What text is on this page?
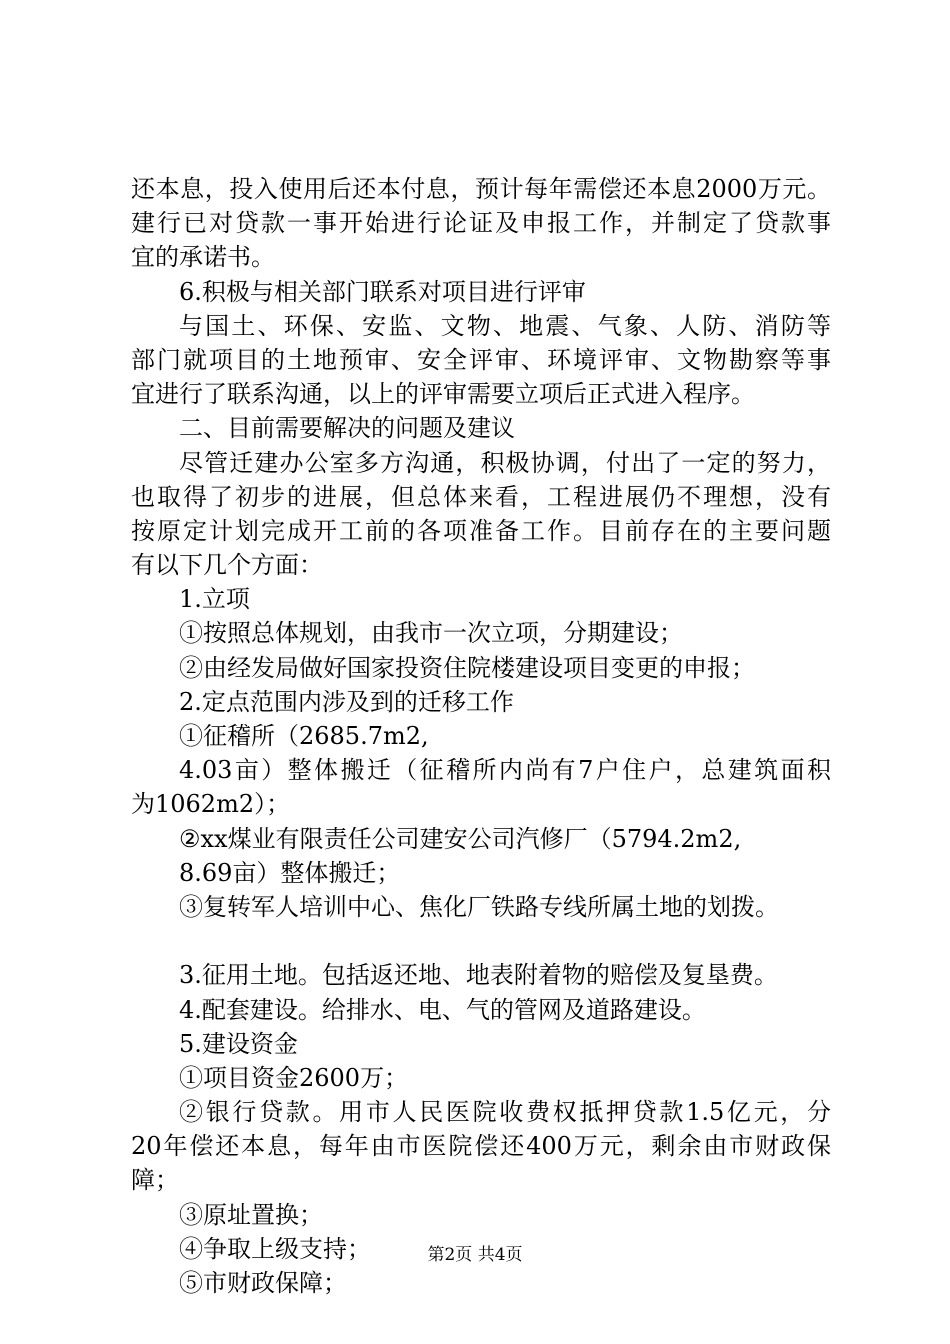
还本息，投入使用后还本付息，预计每年需偿还本息2000万元。
建行已对贷款一事开始进行论证及申报工作，并制定了贷款事
宜的承诺书。
6.积极与相关部门联系对项目进行评审
与国土、环保、安监、文物、地震、气象、人防、消防等
部门就项目的土地预审、安全评审、环境评审、文物勘察等事
宜进行了联系沟通，以上的评审需要立项后正式进入程序。
二、目前需要解决的问题及建议
尽管迁建办公室多方沟通，积极协调，付出了一定的努力，
也取得了初步的进展，但总体来看，工程进展仍不理想，没有
按原定计划完成开工前的各项准备工作。目前存在的主要问题
有以下几个方面：
1.立项
①按照总体规划，由我市一次立项，分期建设；
②由经发局做好国家投资住院楼建设项目变更的申报；
2.定点范围内涉及到的迁移工作
①征稽所（2685.7m2,
4.03亩）整体搬迁（征稽所内尚有7户住户，总建筑面积
为1062m2）；
②xx煤业有限责任公司建安公司汽修厂（5794.2m2,
8.69亩）整体搬迁；
③复转军人培训中心、焦化厂铁路专线所属土地的划拨。
3.征用土地。包括返还地、地表附着物的赔偿及复垦费。
4.配套建设。给排水、电、气的管网及道路建设。
5.建设资金
①项目资金2600万；
②银行贷款。用市人民医院收费权抵押贷款1.5亿元，分
20年偿还本息，每年由市医院偿还400万元，剩余由市财政保
障；
③原址置换；
④争取上级支持；
⑤市财政保障；
第2页 共4页
